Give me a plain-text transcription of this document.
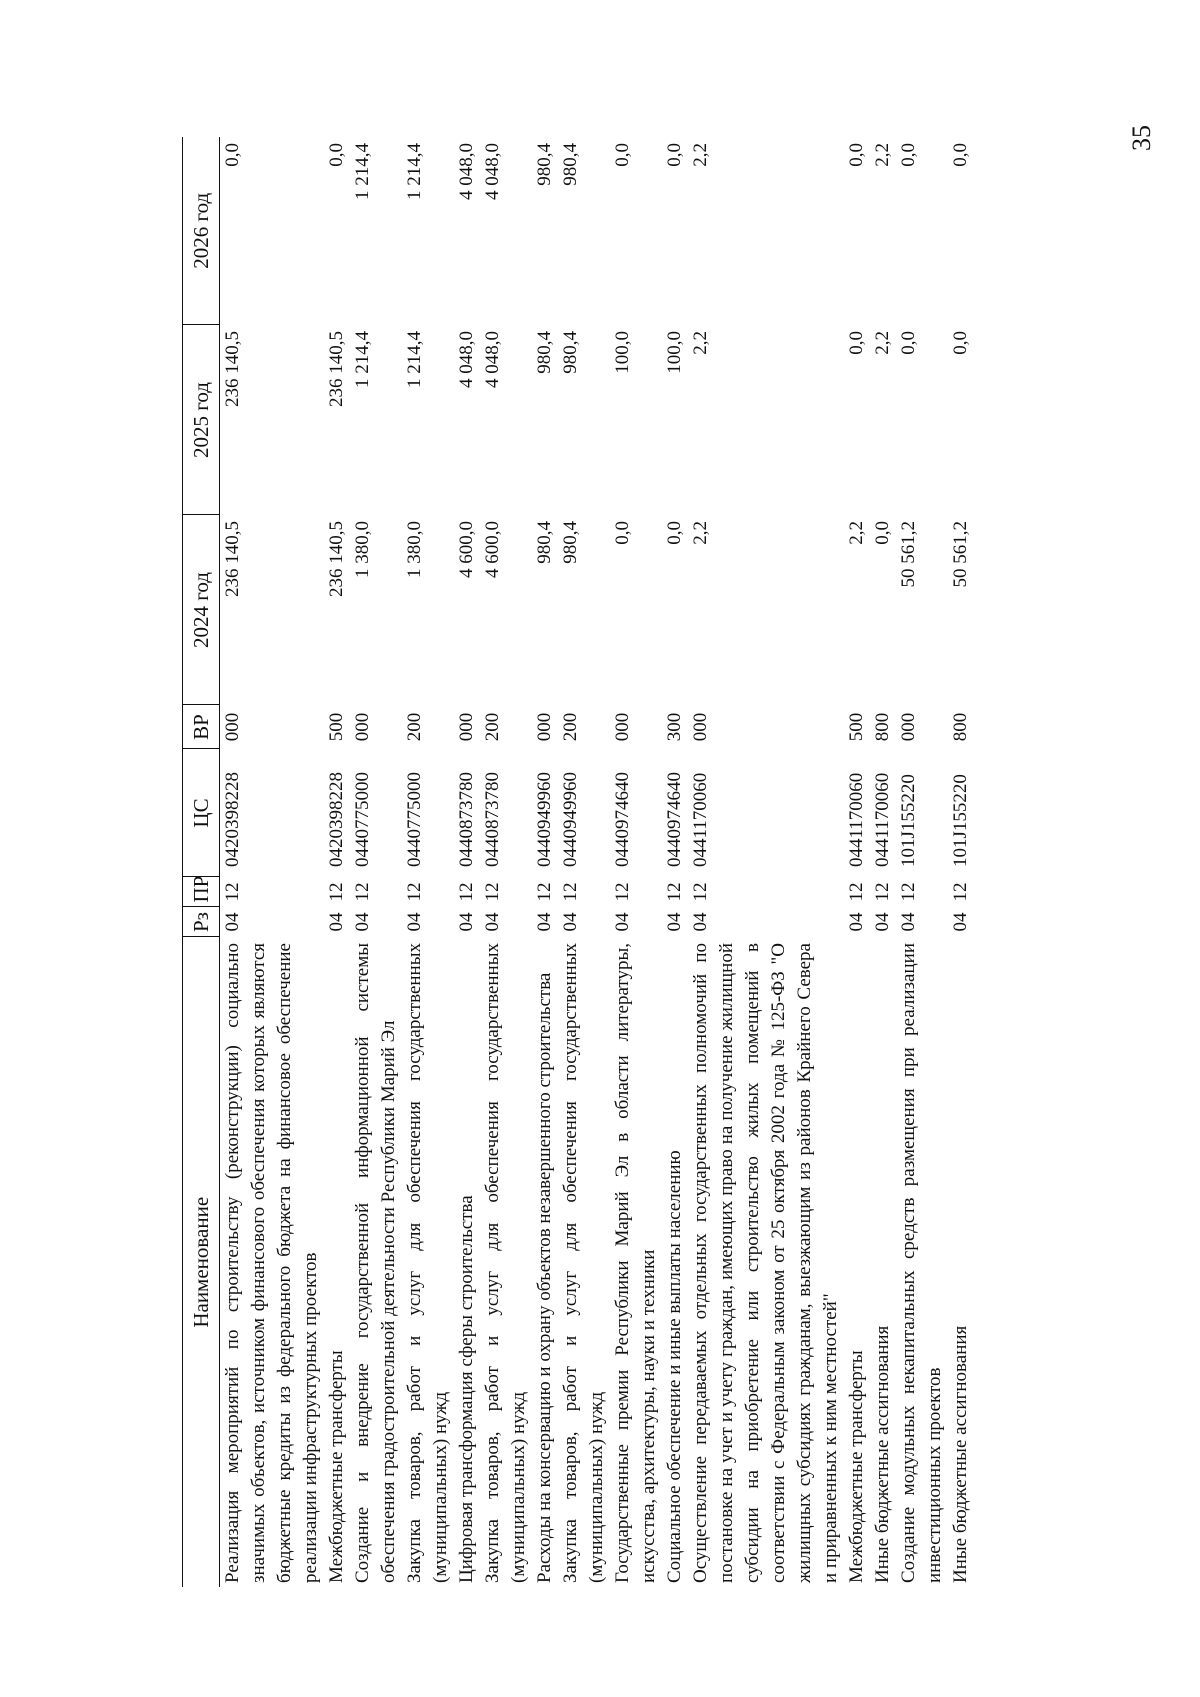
35
Наименование	Рз	ПР	ЦС	ВР	2024 год	2025 год	2026 год
Реализация мероприятий по строительству (реконструкции) социально значимых объектов, источником финансового обеспечения которых являются бюджетные кредиты из федерального бюджета на финансовое обеспечение реализации инфраструктурных проектов	04	12	0420398228	000	236 140,5	236 140,5	0,0

Межбюджетные трансферты	04	12	0420398228	500	236 140,5	236 140,5	0,0

Создание и внедрение государственной информационной системы обеспечения градостроительной деятельности Республики Марий Эл	04	12	0440775000	000	1 380,0	1 214,4	1 214,4

Закупка товаров, работ и услуг для обеспечения государственных (муниципальных) нужд	04	12	0440775000	200	1 380,0	1 214,4	1 214,4

Цифровая трансформация сферы строительства	04	12	0440873780	000	4 600,0	4 048,0	4 048,0

Закупка товаров, работ и услуг для обеспечения государственных (муниципальных) нужд	04	12	0440873780	200	4 600,0	4 048,0	4 048,0

Расходы на консервацию и охрану объектов незавершенного строительства	04	12	0440949960	000	980,4	980,4	980,4

Закупка товаров, работ и услуг для обеспечения государственных (муниципальных) нужд	04	12	0440949960	200	980,4	980,4	980,4

Государственные премии Республики Марий Эл в области литературы, искусства, архитектуры, науки и техники	04	12	0440974640	000	0,0	100,0	0,0

Социальное обеспечение и иные выплаты населению	04	12	0440974640	300	0,0	100,0	0,0

Осуществление передаваемых отдельных государственных полномочий по постановке на учет и учету граждан, имеющих право на получение жилищной субсидии на приобретение или строительство жилых помещений в соответствии с Федеральным законом от 25 октября 2002 года № 125-ФЗ "О жилищных субсидиях гражданам, выезжающим из районов Крайнего Севера и приравненных к ним местностей"	04	12	0441170060	000	2,2	2,2	2,2

Межбюджетные трансферты	04	12	0441170060	500	2,2	0,0	0,0

Иные бюджетные ассигнования	04	12	0441170060	800	0,0	2,2	2,2

Создание модульных некапитальных средств размещения при реализации инвестиционных проектов	04	12	101J155220	000	50 561,2	0,0	0,0

Иные бюджетные ассигнования	04	12	101J155220	800	50 561,2	0,0	0,0
